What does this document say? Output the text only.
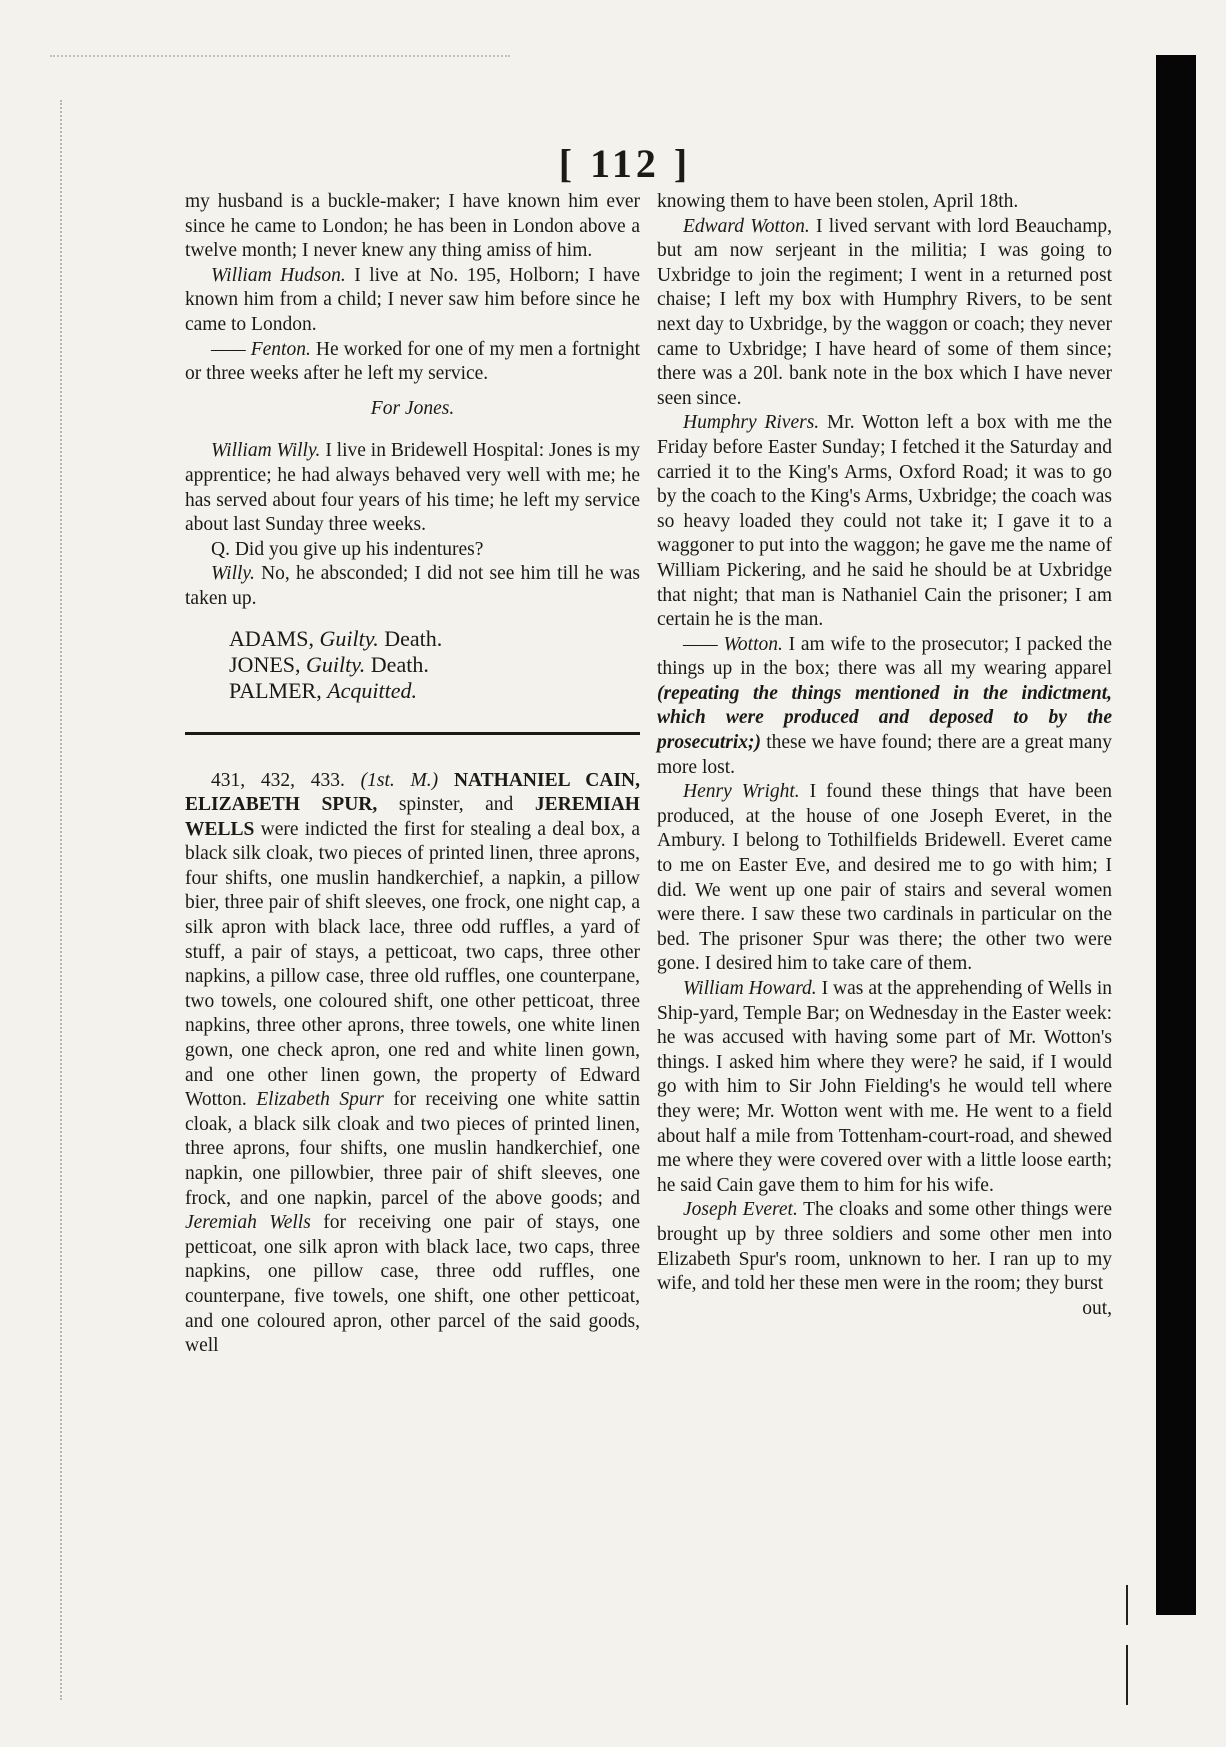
[ 112 ]

my husband is a buckle-maker; I have known him ever since he came to London; he has been in London above a twelve month; I never knew any thing amiss of him.

William Hudson. I live at No. 195, Holborn; I have known him from a child; I never saw him before since he came to London.

—— Fenton. He worked for one of my men a fortnight or three weeks after he left my service.

For Jones.

William Willy. I live in Bridewell Hospital: Jones is my apprentice; he had always behaved very well with me; he has served about four years of his time; he left my service about last Sunday three weeks.

Q. Did you give up his indentures?

Willy. No, he absconded; I did not see him till he was taken up.

ADAMS, Guilty. Death.
JONES, Guilty. Death.
PALMER, Acquitted.

431, 432, 433. (1st. M.) NATHANIEL CAIN, ELIZABETH SPUR, spinster, and JEREMIAH WELLS were indicted the first for stealing a deal box, a black silk cloak, two pieces of printed linen, three aprons, four shifts, one muslin handkerchief, a napkin, a pillow bier, three pair of shift sleeves, one frock, one night cap, a silk apron with black lace, three odd ruffles, a yard of stuff, a pair of stays, a petticoat, two caps, three other napkins, a pillow case, three old ruffles, one counterpane, two towels, one coloured shift, one other petticoat, three napkins, three other aprons, three towels, one white linen gown, one check apron, one red and white linen gown, and one other linen gown, the property of Edward Wotton. Elizabeth Spurr for receiving one white sattin cloak, a black silk cloak and two pieces of printed linen, three aprons, four shifts, one muslin handkerchief, one napkin, one pillowbier, three pair of shift sleeves, one frock, and one napkin, parcel of the above goods; and Jeremiah Wells for receiving one pair of stays, one petticoat, one silk apron with black lace, two caps, three napkins, one pillow case, three odd ruffles, one counterpane, five towels, one shift, one other petticoat, and one coloured apron, other parcel of the said goods, well

knowing them to have been stolen, April 18th.

Edward Wotton. I lived servant with lord Beauchamp, but am now serjeant in the militia; I was going to Uxbridge to join the regiment; I went in a returned post chaise; I left my box with Humphry Rivers, to be sent next day to Uxbridge, by the waggon or coach; they never came to Uxbridge; I have heard of some of them since; there was a 20l. bank note in the box which I have never seen since.

Humphry Rivers. Mr. Wotton left a box with me the Friday before Easter Sunday; I fetched it the Saturday and carried it to the King's Arms, Oxford Road; it was to go by the coach to the King's Arms, Uxbridge; the coach was so heavy loaded they could not take it; I gave it to a waggoner to put into the waggon; he gave me the name of William Pickering, and he said he should be at Uxbridge that night; that man is Nathaniel Cain the prisoner; I am certain he is the man.

—— Wotton. I am wife to the prosecutor; I packed the things up in the box; there was all my wearing apparel (repeating the things mentioned in the indictment, which were produced and deposed to by the prosecutrix;) these we have found; there are a great many more lost.

Henry Wright. I found these things that have been produced, at the house of one Joseph Everet, in the Ambury. I belong to Tothilfields Bridewell. Everet came to me on Easter Eve, and desired me to go with him; I did. We went up one pair of stairs and several women were there. I saw these two cardinals in particular on the bed. The prisoner Spur was there; the other two were gone. I desired him to take care of them.

William Howard. I was at the apprehending of Wells in Ship-yard, Temple Bar; on Wednesday in the Easter week: he was accused with having some part of Mr. Wotton's things. I asked him where they were? he said, if I would go with him to Sir John Fielding's he would tell where they were; Mr. Wotton went with me. He went to a field about half a mile from Tottenham-court-road, and shewed me where they were covered over with a little loose earth; he said Cain gave them to him for his wife.

Joseph Everet. The cloaks and some other things were brought up by three soldiers and some other men into Elizabeth Spur's room, unknown to her. I ran up to my wife, and told her these men were in the room; they burst

out,
